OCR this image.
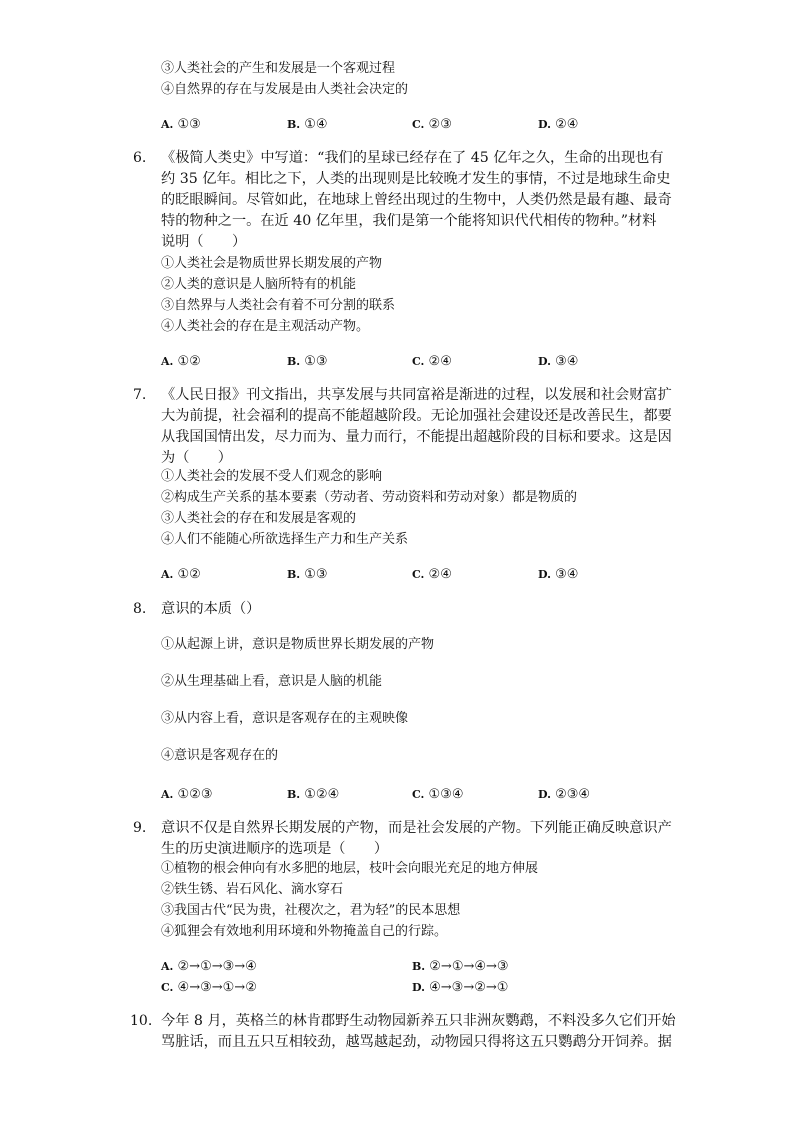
③人类社会的产生和发展是一个客观过程
④自然界的存在与发展是由人类社会决定的
A. ①③	B. ①④	C. ②③	D. ②④
6. 《极简人类史》中写道：“我们的星球已经存在了 45 亿年之久，生命的出现也有
约 35 亿年。相比之下，人类的出现则是比较晚才发生的事情，不过是地球生命史
的眨眼瞬间。尽管如此，在地球上曾经出现过的生物中，人类仍然是最有趣、最奇
特的物种之一。在近 40 亿年里，我们是第一个能将知识代代相传的物种。”材料
说明（　　）
①人类社会是物质世界长期发展的产物
②人类的意识是人脑所特有的机能
③自然界与人类社会有着不可分割的联系
④人类社会的存在是主观活动产物。
A. ①②	B. ①③	C. ②④	D. ③④
7. 《人民日报》刊文指出，共享发展与共同富裕是渐进的过程，以发展和社会财富扩
大为前提，社会福利的提高不能超越阶段。无论加强社会建设还是改善民生，都要
从我国国情出发，尽力而为、量力而行，不能提出超越阶段的目标和要求。这是因
为（　　）
①人类社会的发展不受人们观念的影响
②构成生产关系的基本要素（劳动者、劳动资料和劳动对象）都是物质的
③人类社会的存在和发展是客观的
④人们不能随心所欲选择生产力和生产关系
A. ①②	B. ①③	C. ②④	D. ③④
8. 意识的本质（）
①从起源上讲，意识是物质世界长期发展的产物
②从生理基础上看，意识是人脑的机能
③从内容上看，意识是客观存在的主观映像
④意识是客观存在的
A. ①②③	B. ①②④	C. ①③④	D. ②③④
9. 意识不仅是自然界长期发展的产物，而是社会发展的产物。下列能正确反映意识产
生的历史演进顺序的选项是（　　）
①植物的根会伸向有水多肥的地层，枝叶会向眼光充足的地方伸展
②铁生锈、岩石风化、滴水穿石
③我国古代“民为贵，社稷次之，君为轻”的民本思想
④狐狸会有效地利用环境和外物掩盖自己的行踪。
A. ②→①→③→④	B. ②→①→④→③
C. ④→③→①→②	D. ④→③→②→①
10. 今年 8 月，英格兰的林肯郡野生动物园新养五只非洲灰鹦鹉，不料没多久它们开始
骂脏话，而且五只互相较劲，越骂越起劲，动物园只得将这五只鹦鹉分开饲养。据
